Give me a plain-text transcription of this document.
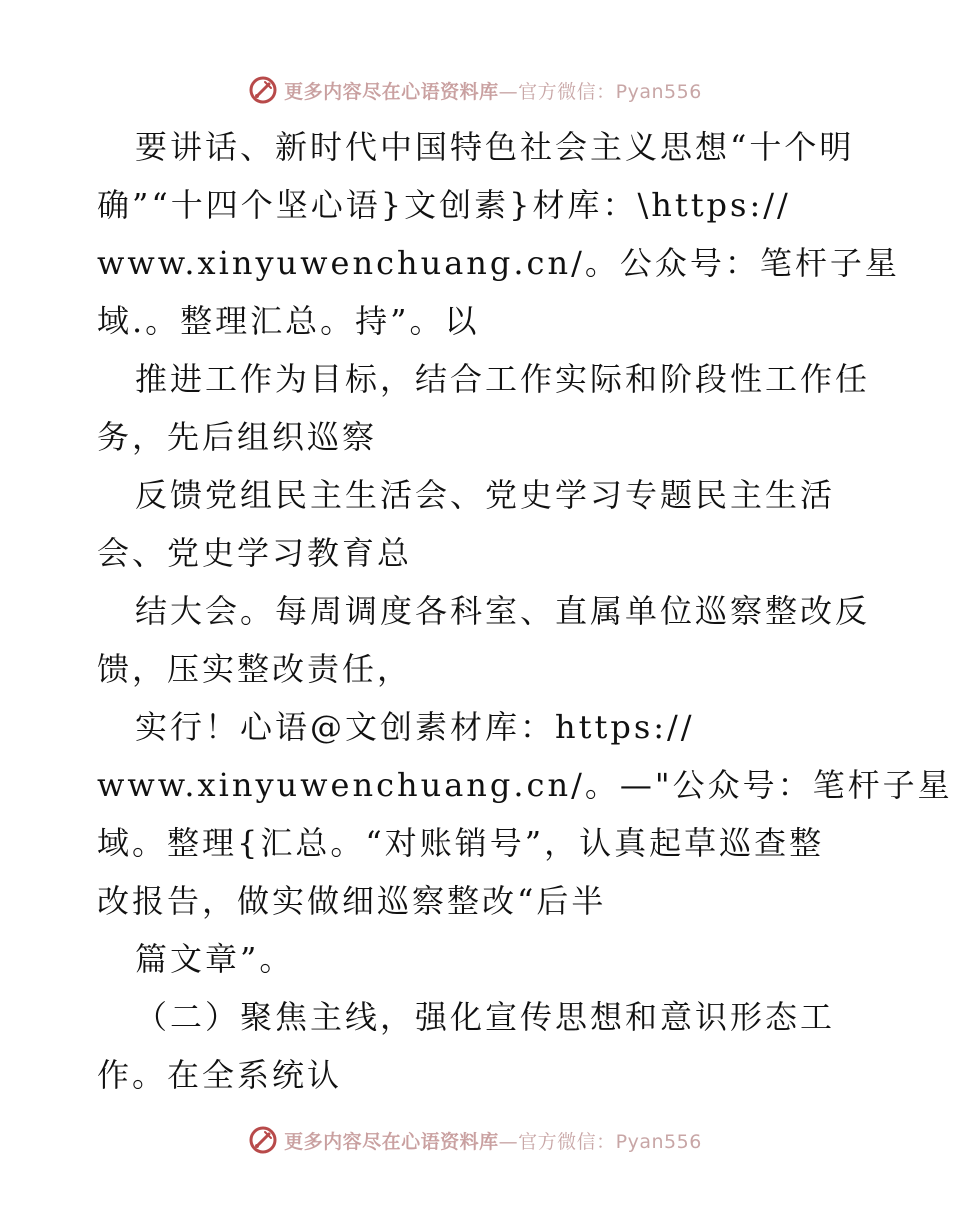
更多内容尽在心语资料库—官方微信：Pyan556
要讲话、新时代中国特色社会主义思想“十个明
确”“十四个坚心语}文创素}材库：\https://
www.xinyuwenchuang.cn/。公众号：笔杆子星
域.。整理汇总。持”。以
推进工作为目标，结合工作实际和阶段性工作任
务，先后组织巡察
反馈党组民主生活会、党史学习专题民主生活
会、党史学习教育总
结大会。每周调度各科室、直属单位巡察整改反
馈，压实整改责任，
实行！心语@文创素材库：https://
www.xinyuwenchuang.cn/。—"公众号：笔杆子星
域。整理{汇总。“对账销号”，认真起草巡查整
改报告，做实做细巡察整改“后半
篇文章”。
（二）聚焦主线，强化宣传思想和意识形态工
作。在全系统认
更多内容尽在心语资料库—官方微信：Pyan556
